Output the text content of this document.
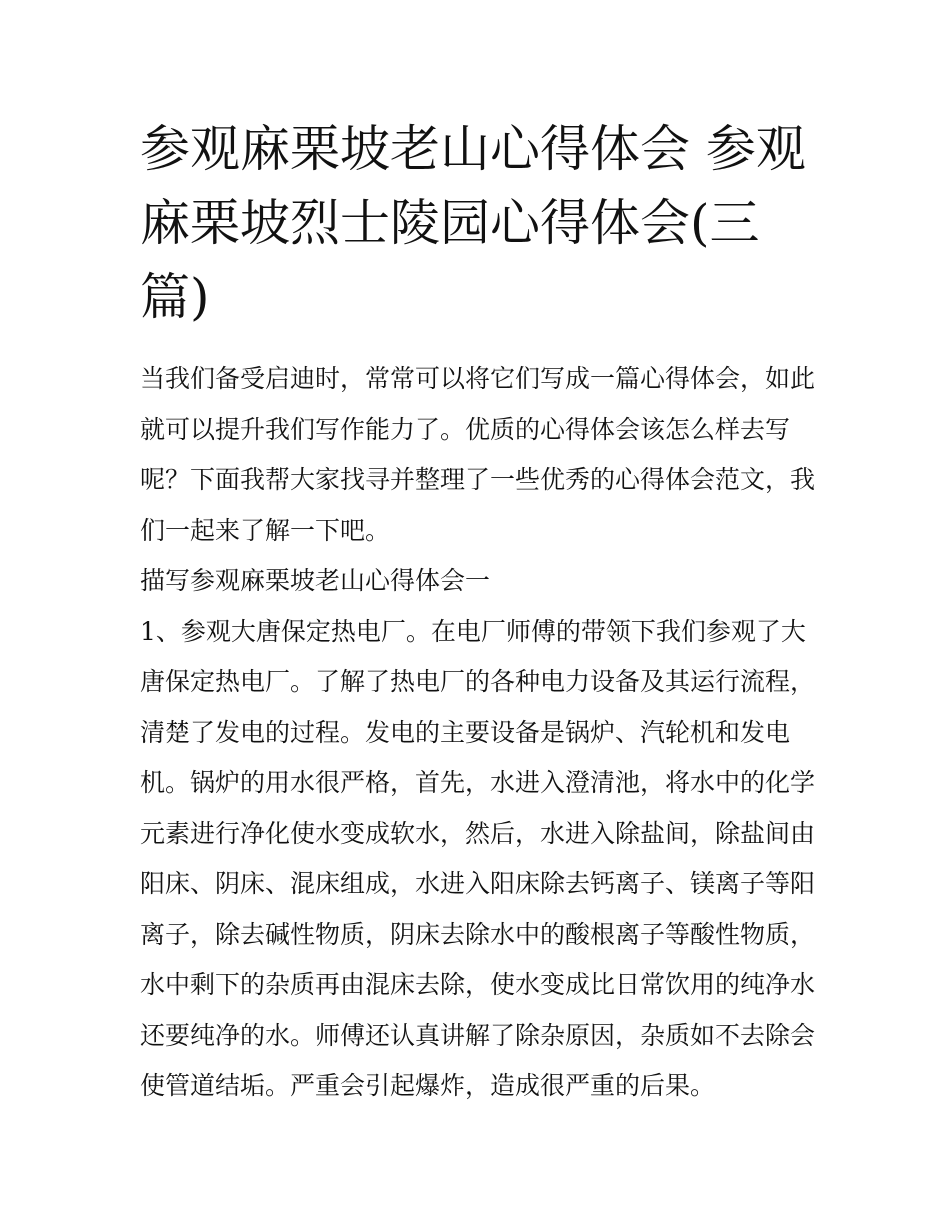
参观麻栗坡老山心得体会 参观
麻栗坡烈士陵园心得体会(三
篇)
当我们备受启迪时，常常可以将它们写成一篇心得体会，如此
就可以提升我们写作能力了。优质的心得体会该怎么样去写
呢？下面我帮大家找寻并整理了一些优秀的心得体会范文，我
们一起来了解一下吧。
描写参观麻栗坡老山心得体会一
1、参观大唐保定热电厂。在电厂师傅的带领下我们参观了大
唐保定热电厂。了解了热电厂的各种电力设备及其运行流程，
清楚了发电的过程。发电的主要设备是锅炉、汽轮机和发电
机。锅炉的用水很严格，首先，水进入澄清池，将水中的化学
元素进行净化使水变成软水，然后，水进入除盐间，除盐间由
阳床、阴床、混床组成，水进入阳床除去钙离子、镁离子等阳
离子，除去碱性物质，阴床去除水中的酸根离子等酸性物质，
水中剩下的杂质再由混床去除，使水变成比日常饮用的纯净水
还要纯净的水。师傅还认真讲解了除杂原因，杂质如不去除会
使管道结垢。严重会引起爆炸，造成很严重的后果。
